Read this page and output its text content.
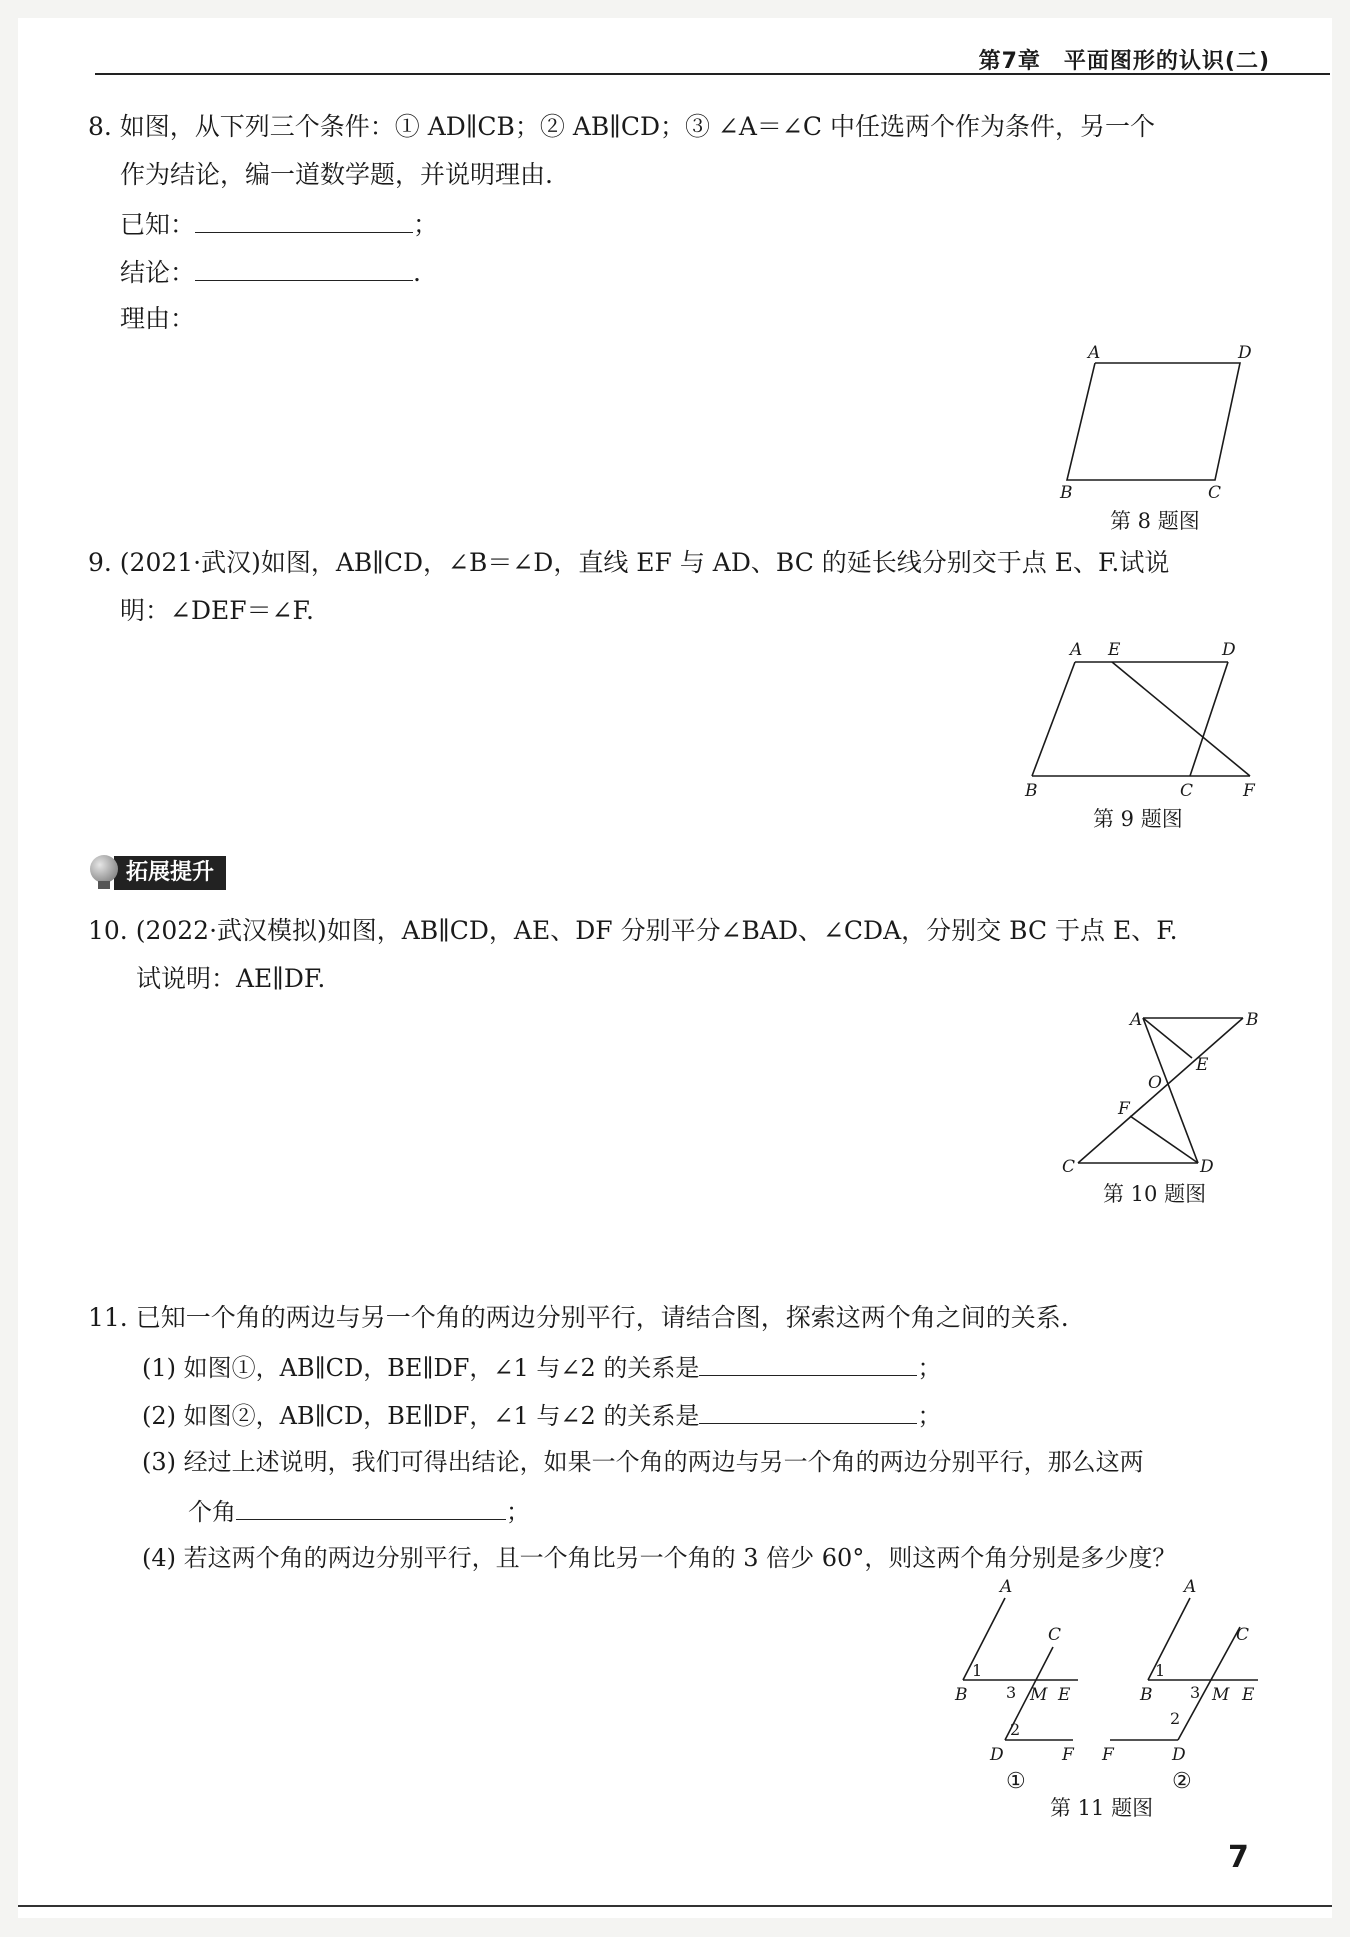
第7章　平面图形的认识(二)
8. 如图，从下列三个条件：① AD∥CB；② AB∥CD；③ ∠A＝∠C 中任选两个作为条件，另一个
作为结论，编一道数学题，并说明理由.
已知：	；
结论：	.
理由：
A	D
B	C
A E	D
B	C	F
A	B
E
O
F
C	D
A
C
B	M E
D	F
1
3
2
①
A
C
B	M E
F	D
1
3
2
②
第 8 题图
9. (2021·武汉)如图，AB∥CD，∠B＝∠D，直线 EF 与 AD、BC 的延长线分别交于点 E、F.试说
明：∠DEF＝∠F.
第 9 题图
拓展提升
10. (2022·武汉模拟)如图，AB∥CD，AE、DF 分别平分∠BAD、∠CDA，分别交 BC 于点 E、F.
试说明：AE∥DF.
第 10 题图
11. 已知一个角的两边与另一个角的两边分别平行，请结合图，探索这两个角之间的关系.
(1) 如图①，AB∥CD，BE∥DF，∠1 与∠2 的关系是	；
(2) 如图②，AB∥CD，BE∥DF，∠1 与∠2 的关系是	；
(3) 经过上述说明，我们可得出结论，如果一个角的两边与另一个角的两边分别平行，那么这两
个角	；
(4) 若这两个角的两边分别平行，且一个角比另一个角的 3 倍少 60°，则这两个角分别是多少度？
第 11 题图
7
